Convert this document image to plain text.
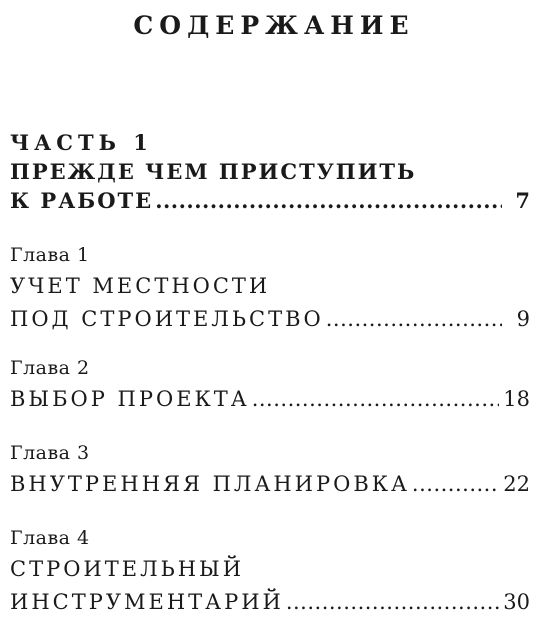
СОДЕРЖАНИЕ
ЧАСТЬ 1
ПРЕЖДЕ ЧЕМ ПРИСТУПИТЬ
К РАБОТЕ .....	7
Глава 1
УЧЕТ МЕСТНОСТИ
ПОД СТРОИТЕЛЬСТВО .....	9
Глава 2
ВЫБОР ПРОЕКТА .....	18
Глава 3
ВНУТРЕННЯЯ ПЛАНИРОВКА .....	22
Глава 4
СТРОИТЕЛЬНЫЙ
ИНСТРУМЕНТАРИЙ .....	30
